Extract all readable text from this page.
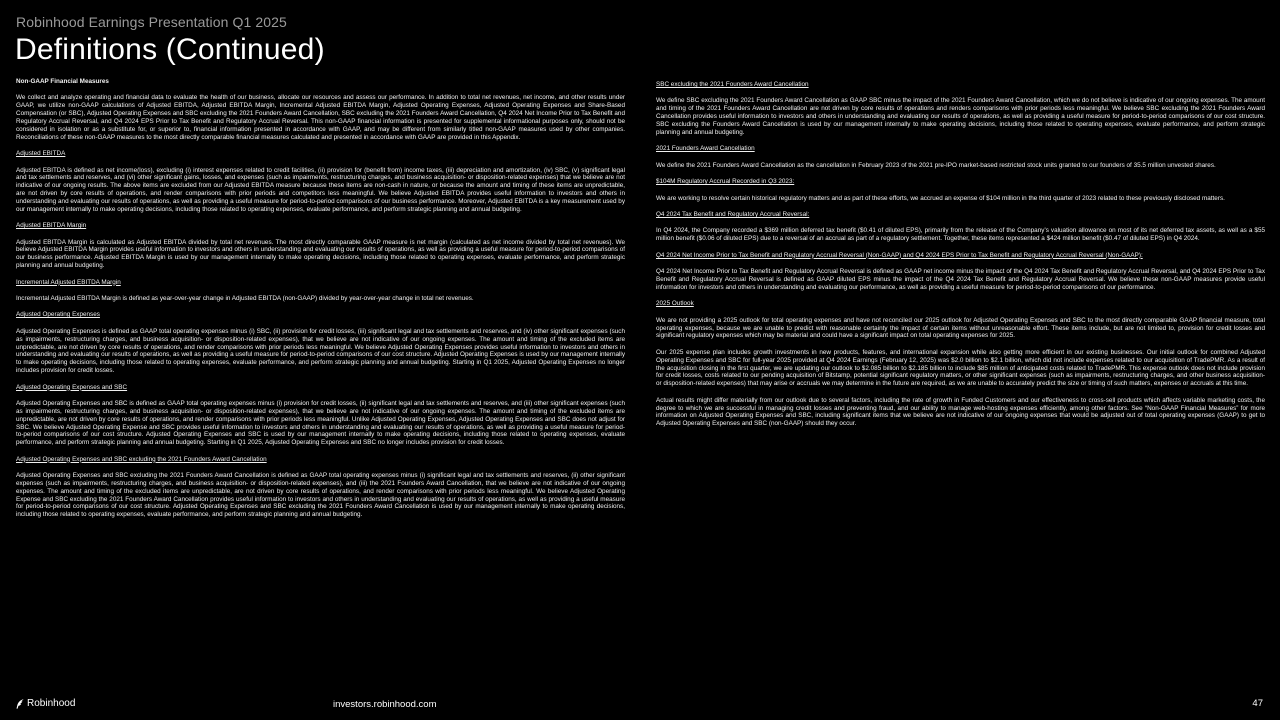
Robinhood Earnings Presentation Q1 2025
Definitions (Continued)
Non-GAAP Financial Measures

We collect and analyze operating and financial data to evaluate the health of our business, allocate our resources and assess our performance. In addition to total net revenues, net income, and other results under GAAP, we utilize non-GAAP calculations of Adjusted EBITDA, Adjusted EBITDA Margin, Incremental Adjusted EBITDA Margin, Adjusted Operating Expenses, Adjusted Operating Expenses and Share-Based Compensation (or SBC), Adjusted Operating Expenses and SBC excluding the 2021 Founders Award Cancellation, SBC excluding the 2021 Founders Award Cancellation, Q4 2024 Net Income Prior to Tax Benefit and Regulatory Accrual Reversal, and Q4 2024 EPS Prior to Tax Benefit and Regulatory Accrual Reversal. This non-GAAP financial information is presented for supplemental informational purposes only, should not be considered in isolation or as a substitute for, or superior to, financial information presented in accordance with GAAP, and may be different from similarly titled non-GAAP measures used by other companies. Reconciliations of these non-GAAP measures to the most directly comparable financial measures calculated and presented in accordance with GAAP are provided in this Appendix.

Adjusted EBITDA

Adjusted EBITDA is defined as net income(loss), excluding (i) interest expenses related to credit facilities, (ii) provision for (benefit from) income taxes, (iii) depreciation and amortization, (iv) SBC, (v) significant legal and tax settlements and reserves, and (vi) other significant gains, losses, and expenses (such as impairments, restructuring charges, and business acquisition- or disposition-related expenses) that we believe are not indicative of our ongoing results. The above items are excluded from our Adjusted EBITDA measure because these items are non-cash in nature, or because the amount and timing of these items are unpredictable, are not driven by core results of operations, and render comparisons with prior periods and competitors less meaningful. We believe Adjusted EBITDA provides useful information to investors and others in understanding and evaluating our results of operations, as well as providing a useful measure for period-to-period comparisons of our business performance. Moreover, Adjusted EBITDA is a key measurement used by our management internally to make operating decisions, including those related to operating expenses, evaluate performance, and perform strategic planning and annual budgeting.

Adjusted EBITDA Margin

Adjusted EBITDA Margin is calculated as Adjusted EBITDA divided by total net revenues. The most directly comparable GAAP measure is net margin (calculated as net income divided by total net revenues). We believe Adjusted EBITDA Margin provides useful information to investors and others in understanding and evaluating our results of operations, as well as providing a useful measure for period-to-period comparisons of our business performance. Adjusted EBITDA Margin is used by our management internally to make operating decisions, including those related to operating expenses, evaluate performance, and perform strategic planning and annual budgeting.

Incremental Adjusted EBITDA Margin

Incremental Adjusted EBITDA Margin is defined as year-over-year change in Adjusted EBITDA (non-GAAP) divided by year-over-year change in total net revenues.

Adjusted Operating Expenses

Adjusted Operating Expenses is defined as GAAP total operating expenses minus (i) SBC, (ii) provision for credit losses, (iii) significant legal and tax settlements and reserves, and (iv) other significant expenses (such as impairments, restructuring charges, and business acquisition- or disposition-related expenses), that we believe are not indicative of our ongoing expenses. The amount and timing of the excluded items are unpredictable, are not driven by core results of operations, and render comparisons with prior periods less meaningful. We believe Adjusted Operating Expenses provides useful information to investors and others in understanding and evaluating our results of operations, as well as providing a useful measure for period-to-period comparisons of our cost structure. Adjusted Operating Expenses is used by our management internally to make operating decisions, including those related to operating expenses, evaluate performance, and perform strategic planning and annual budgeting. Starting in Q1 2025, Adjusted Operating Expenses no longer includes provision for credit losses.

Adjusted Operating Expenses and SBC

Adjusted Operating Expenses and SBC is defined as GAAP total operating expenses minus (i) provision for credit losses, (ii) significant legal and tax settlements and reserves, and (iii) other significant expenses (such as impairments, restructuring charges, and business acquisition- or disposition-related expenses), that we believe are not indicative of our ongoing expenses. The amount and timing of the excluded items are unpredictable, are not driven by core results of operations, and render comparisons with prior periods less meaningful. Unlike Adjusted Operating Expenses, Adjusted Operating Expenses and SBC does not adjust for SBC. We believe Adjusted Operating Expense and SBC provides useful information to investors and others in understanding and evaluating our results of operations, as well as providing a useful measure for period-to-period comparisons of our cost structure. Adjusted Operating Expenses and SBC is used by our management internally to make operating decisions, including those related to operating expenses, evaluate performance, and perform strategic planning and annual budgeting. Starting in Q1 2025, Adjusted Operating Expenses and SBC no longer includes provision for credit losses.

Adjusted Operating Expenses and SBC excluding the 2021 Founders Award Cancellation

Adjusted Operating Expenses and SBC excluding the 2021 Founders Award Cancellation is defined as GAAP total operating expenses minus (i) significant legal and tax settlements and reserves, (ii) other significant expenses (such as impairments, restructuring charges, and business acquisition- or disposition-related expenses), and (iii) the 2021 Founders Award Cancellation, that we believe are not indicative of our ongoing expenses. The amount and timing of the excluded items are unpredictable, are not driven by core results of operations, and render comparisons with prior periods less meaningful. We believe Adjusted Operating Expense and SBC excluding the 2021 Founders Award Cancellation provides useful information to investors and others in understanding and evaluating our results of operations, as well as providing a useful measure for period-to-period comparisons of our cost structure. Adjusted Operating Expenses and SBC excluding the 2021 Founders Award Cancellation is used by our management internally to make operating decisions, including those related to operating expenses, evaluate performance, and perform strategic planning and annual budgeting.

SBC excluding the 2021 Founders Award Cancellation

We define SBC excluding the 2021 Founders Award Cancellation as GAAP SBC minus the impact of the 2021 Founders Award Cancellation, which we do not believe is indicative of our ongoing expenses. The amount and timing of the 2021 Founders Award Cancellation are not driven by core results of operations and renders comparisons with prior periods less meaningful. We believe SBC excluding the 2021 Founders Award Cancellation provides useful information to investors and others in understanding and evaluating our results of operations, as well as providing a useful measure for period-to-period comparisons of our cost structure. SBC excluding the Founders Award Cancellation is used by our management internally to make operating decisions, including those related to operating expenses, evaluate performance, and perform strategic planning and annual budgeting.

2021 Founders Award Cancellation

We define the 2021 Founders Award Cancellation as the cancellation in February 2023 of the 2021 pre-IPO market-based restricted stock units granted to our founders of 35.5 million unvested shares.

$104M Regulatory Accrual Recorded in Q3 2023:

We are working to resolve certain historical regulatory matters and as part of these efforts, we accrued an expense of $104 million in the third quarter of 2023 related to these previously disclosed matters.

Q4 2024 Tax Benefit and Regulatory Accrual Reversal:

In Q4 2024, the Company recorded a $369 million deferred tax benefit ($0.41 of diluted EPS), primarily from the release of the Company’s valuation allowance on most of its net deferred tax assets, as well as a $55 million benefit ($0.06 of diluted EPS) due to a reversal of an accrual as part of a regulatory settlement. Together, these items represented a $424 million benefit ($0.47 of diluted EPS) in Q4 2024.

Q4 2024 Net Income Prior to Tax Benefit and Regulatory Accrual Reversal (Non-GAAP) and Q4 2024 EPS Prior to Tax Benefit and Regulatory Accrual Reversal (Non-GAAP):

Q4 2024 Net Income Prior to Tax Benefit and Regulatory Accrual Reversal is defined as GAAP net income minus the impact of the Q4 2024 Tax Benefit and Regulatory Accrual Reversal, and Q4 2024 EPS Prior to Tax Benefit and Regulatory Accrual Reversal is defined as GAAP diluted EPS minus the impact of the Q4 2024 Tax Benefit and Regulatory Accrual Reversal. We believe these non-GAAP measures provide useful information for investors and others in understanding and evaluating our performance, as well as providing a useful measure for period-to-period comparisons of our performance.

2025 Outlook

We are not providing a 2025 outlook for total operating expenses and have not reconciled our 2025 outlook for Adjusted Operating Expenses and SBC to the most directly comparable GAAP financial measure, total operating expenses, because we are unable to predict with reasonable certainty the impact of certain items without unreasonable effort. These items include, but are not limited to, provision for credit losses and significant regulatory expenses which may be material and could have a significant impact on total operating expenses for 2025.

Our 2025 expense plan includes growth investments in new products, features, and international expansion while also getting more efficient in our existing businesses. Our initial outlook for combined Adjusted Operating Expenses and SBC for full-year 2025 provided at Q4 2024 Earnings (February 12, 2025) was $2.0 billion to $2.1 billion, which did not include expenses related to our acquisition of TradePMR. As a result of the acquisition closing in the first quarter, we are updating our outlook to $2.085 billion to $2.185 billion to include $85 million of anticipated costs related to TradePMR. This expense outlook does not include provision for credit losses, costs related to our pending acquisition of Bitstamp, potential significant regulatory matters, or other significant expenses (such as impairments, restructuring charges, and other business acquisition- or disposition-related expenses) that may arise or accruals we may determine in the future are required, as we are unable to accurately predict the size or timing of such matters, expenses or accruals at this time.

Actual results might differ materially from our outlook due to several factors, including the rate of growth in Funded Customers and our effectiveness to cross-sell products which affects variable marketing costs, the degree to which we are successful in managing credit losses and preventing fraud, and our ability to manage web-hosting expenses efficiently, among other factors. See “Non-GAAP Financial Measures” for more information on Adjusted Operating Expenses and SBC, including significant items that we believe are not indicative of our ongoing expenses that would be adjusted out of total operating expenses (GAAP) to get to Adjusted Operating Expenses and SBC (non-GAAP) should they occur.

Robinhood	investors.robinhood.com	47
